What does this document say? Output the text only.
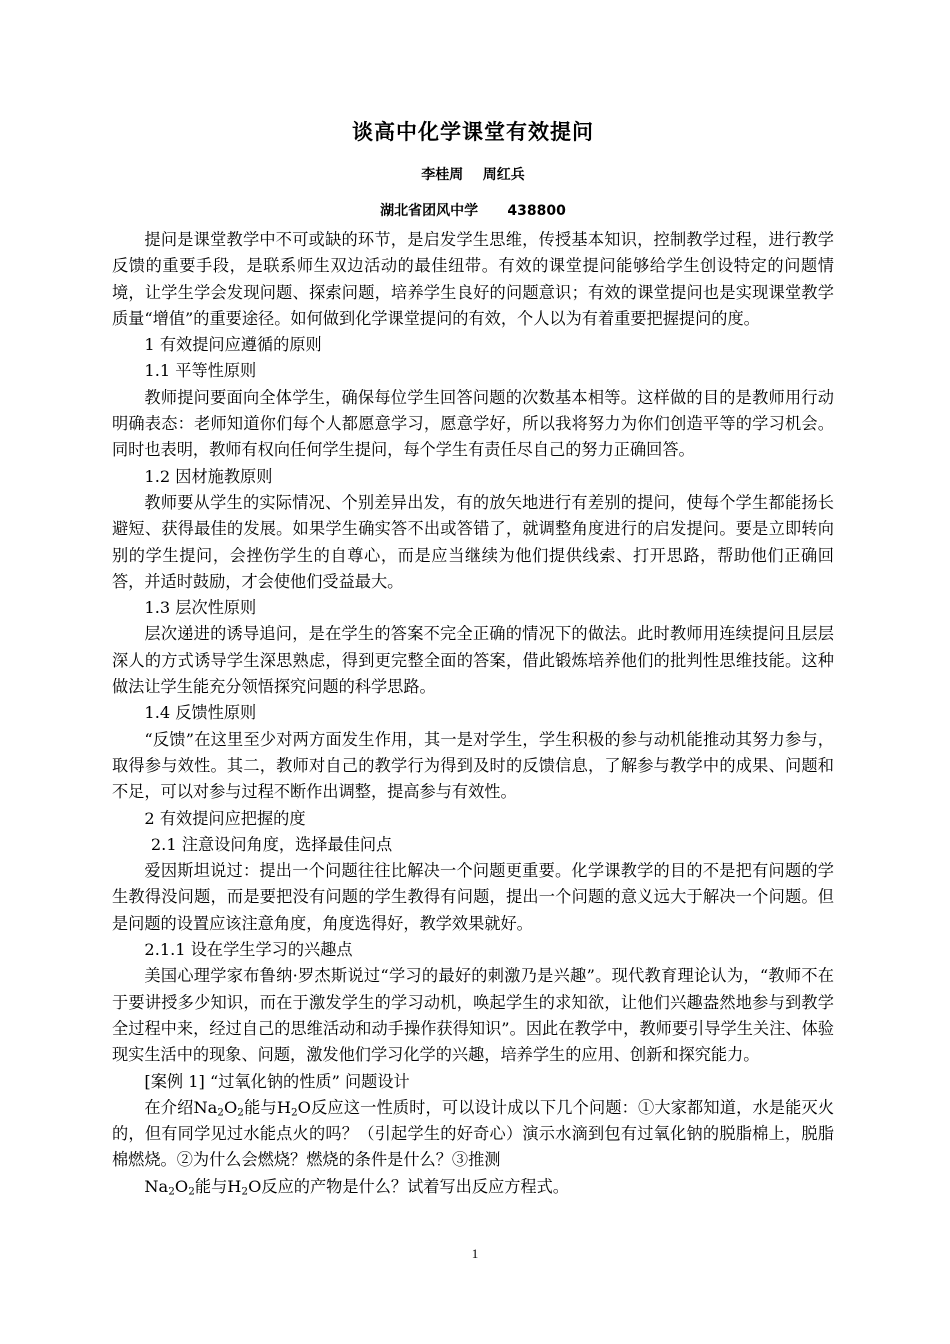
谈高中化学课堂有效提问

李桂周    周红兵

湖北省团风中学      438800

提问是课堂教学中不可或缺的环节，是启发学生思维，传授基本知识，控制教学过程，进行教学反馈的重要手段，是联系师生双边活动的最佳纽带。有效的课堂提问能够给学生创设特定的问题情境，让学生学会发现问题、探索问题，培养学生良好的问题意识；有效的课堂提问也是实现课堂教学质量“增值”的重要途径。如何做到化学课堂提问的有效，个人以为有着重要把握提问的度。

1 有效提问应遵循的原则

1.1 平等性原则

教师提问要面向全体学生，确保每位学生回答问题的次数基本相等。这样做的目的是教师用行动明确表态：老师知道你们每个人都愿意学习，愿意学好，所以我将努力为你们创造平等的学习机会。同时也表明，教师有权向任何学生提问，每个学生有责任尽自己的努力正确回答。

1.2 因材施教原则

教师要从学生的实际情况、个别差异出发，有的放矢地进行有差别的提问，使每个学生都能扬长避短、获得最佳的发展。如果学生确实答不出或答错了，就调整角度进行的启发提问。要是立即转向别的学生提问，会挫伤学生的自尊心，而是应当继续为他们提供线索、打开思路，帮助他们正确回答，并适时鼓励，才会使他们受益最大。

1.3 层次性原则

层次递进的诱导追问，是在学生的答案不完全正确的情况下的做法。此时教师用连续提问且层层深人的方式诱导学生深思熟虑，得到更完整全面的答案，借此锻炼培养他们的批判性思维技能。这种做法让学生能充分领悟探究问题的科学思路。

1.4 反馈性原则

“反馈”在这里至少对两方面发生作用，其一是对学生，学生积极的参与动机能推动其努力参与，取得参与效性。其二，教师对自己的教学行为得到及时的反馈信息，了解参与教学中的成果、问题和不足，可以对参与过程不断作出调整，提高参与有效性。

2 有效提问应把握的度

2.1 注意设问角度，选择最佳问点

爱因斯坦说过：提出一个问题往往比解决一个问题更重要。化学课教学的目的不是把有问题的学生教得没问题，而是要把没有问题的学生教得有问题，提出一个问题的意义远大于解决一个问题。但是问题的设置应该注意角度，角度选得好，教学效果就好。

2.1.1 设在学生学习的兴趣点

美国心理学家布鲁纳·罗杰斯说过“学习的最好的刺激乃是兴趣”。现代教育理论认为，“教师不在于要讲授多少知识，而在于激发学生的学习动机，唤起学生的求知欲，让他们兴趣盎然地参与到教学全过程中来，经过自己的思维活动和动手操作获得知识”。因此在教学中，教师要引导学生关注、体验现实生活中的现象、问题，激发他们学习化学的兴趣，培养学生的应用、创新和探究能力。

[案例 1] “过氧化钠的性质” 问题设计

在介绍$Na_2O_2$能与$H_2O$反应这一性质时，可以设计成以下几个问题：①大家都知道，水是能灭火的，但有同学见过水能点火的吗？（引起学生的好奇心）演示水滴到包有过氧化钠的脱脂棉上，脱脂棉燃烧。②为什么会燃烧？燃烧的条件是什么？③推测

$Na_2O_2$能与$H_2O$反应的产物是什么？试着写出反应方程式。

1
